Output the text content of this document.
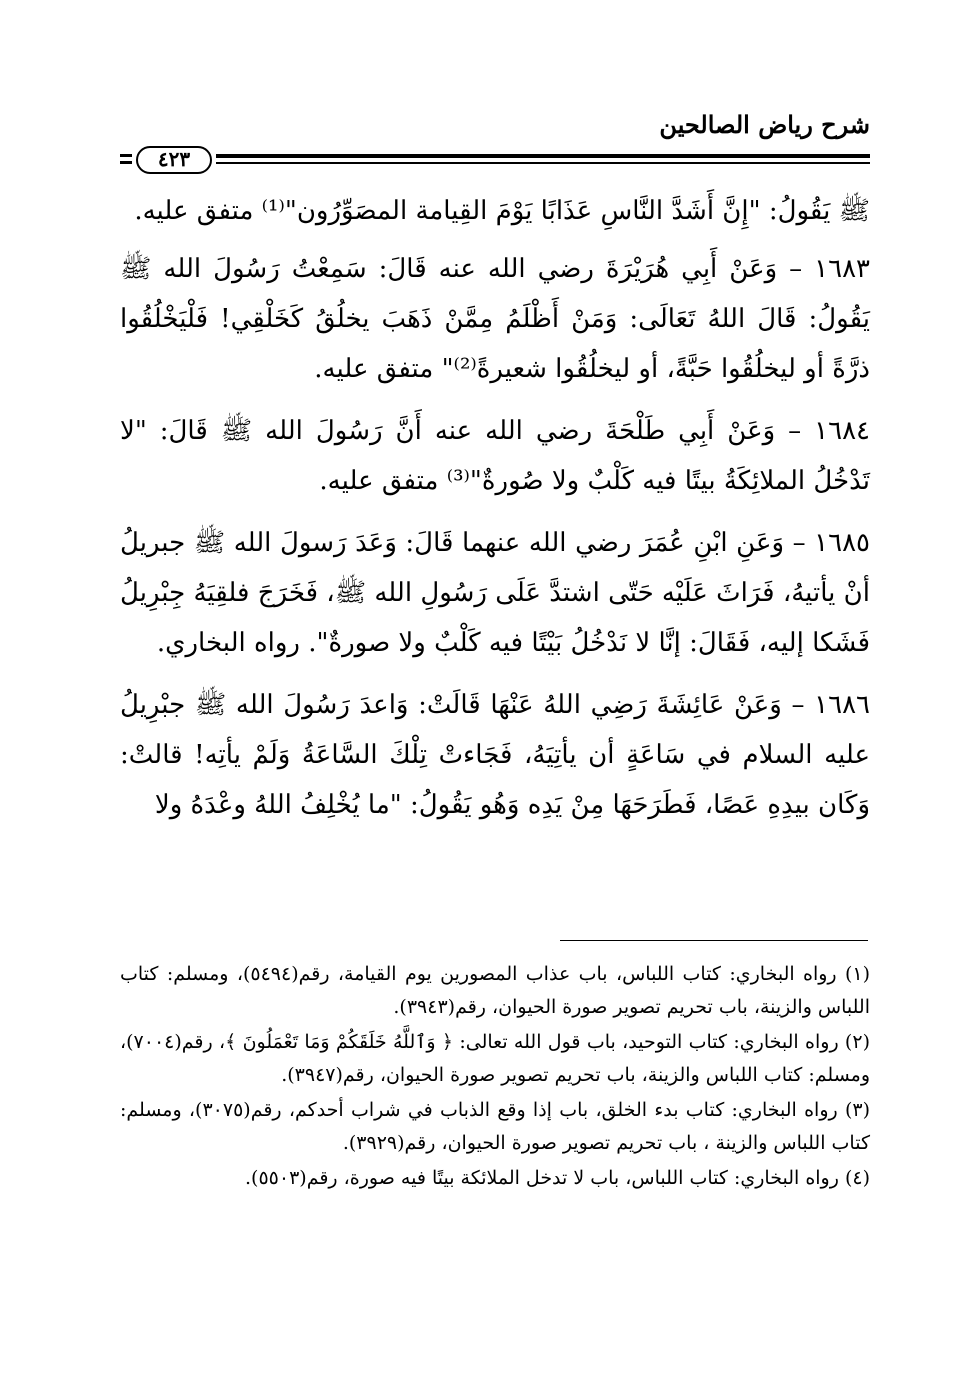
شرح رياض الصالحين
٤٢٣

ﷺ يَقُولُ: "إِنَّ أَشَدَّ النَّاسِ عَذَابًا يَوْمَ القِيامة المصَوِّرُون"⁽¹⁾ متفق عليه.

١٦٨٣ – وَعَنْ أَبِي هُرَيْرَةَ رضي الله عنه قَالَ: سَمِعْتُ رَسُولَ الله ﷺ يَقُولُ: قَالَ اللهُ تَعَالَى: وَمَنْ أَظْلَمُ مِمَّنْ ذَهَبَ يخلُقُ كَخَلْقِي! فَلْيَخْلُقُوا ذرَّةً أو ليخلُقُوا حَبَّةً، أو ليخلُقُوا شعيرةً⁽²⁾" متفق عليه.

١٦٨٤ – وَعَنْ أَبِي طَلْحَةَ رضي الله عنه أَنَّ رَسُولَ الله ﷺ قَالَ: "لا تَدْخُلُ الملائِكَةُ بيتًا فيه كَلْبٌ ولا صُورةٌ"⁽³⁾ متفق عليه.

١٦٨٥ – وَعَنِ ابْنِ عُمَرَ رضي الله عنهما قَالَ: وَعَدَ رَسولَ الله ﷺ جبريلُ أنْ يأتيهُ، فَرَاثَ عَلَيْه حَتّى اشتدَّ عَلَى رَسُولِ الله ﷺ، فَخَرَجَ فلقِيَهُ جِبْرِيلُ فَشَكا إليه، فَقَالَ: إنَّا لا نَدْخُلُ بَيْتًا فيه كَلْبٌ ولا صورةٌ". رواه البخاري.

١٦٨٦ – وَعَنْ عَائِشَةَ رَضِي اللهُ عَنْهَا قَالَتْ: وَاعدَ رَسُولَ الله ﷺ جبْرِيلُ عليه السلام في سَاعَةٍ أن يأتِيَهُ، فَجَاءتْ تِلْكَ السَّاعَةُ وَلَمْ يأتِه! قالتْ: وَكَان بيدِهِ عَصًا، فَطَرَحَهَا مِنْ يَدِه وَهُو يَقُولُ: "ما يُخْلِفُ اللهُ وعْدَهُ ولا

(١) رواه البخاري: كتاب اللباس، باب عذاب المصورين يوم القيامة، رقم(٥٤٩٤)، ومسلم: كتاب اللباس والزينة، باب تحريم تصوير صورة الحيوان، رقم(٣٩٤٣).

(٢) رواه البخاري: كتاب التوحيد، باب قول الله تعالى: ﴿ وَٱللَّهُ خَلَقَكُمْ وَمَا تَعْمَلُونَ ﴾، رقم(٧٠٠٤)، ومسلم: كتاب اللباس والزينة، باب تحريم تصوير صورة الحيوان، رقم(٣٩٤٧).

(٣) رواه البخاري: كتاب بدء الخلق، باب إذا وقع الذباب في شراب أحدكم، رقم(٣٠٧٥)، ومسلم: كتاب اللباس والزينة ، باب تحريم تصوير صورة الحيوان، رقم(٣٩٢٩).

(٤) رواه البخاري: كتاب اللباس، باب لا تدخل الملائكة بيتًا فيه صورة، رقم(٥٥٠٣).
